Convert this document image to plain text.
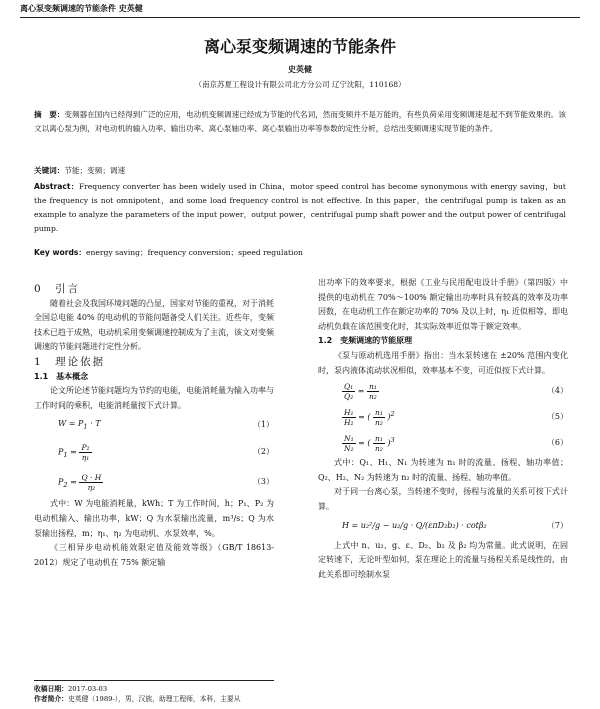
离心泵变频调速的节能条件 史英健
离心泵变频调速的节能条件
史英健
（南京苏夏工程设计有限公司北方分公司 辽宁沈阳，110168）
摘　要：变频器在国内已经得到广泛的应用，电动机变频调速已经成为节能的代名词，然而变频并不是万能的，有些负荷采用变频调速是起不到节能效果的。该文以离心泵为例，对电动机的输入功率、输出功率、离心泵轴功率、离心泵输出功率等参数的定性分析，总结出变频调速实现节能的条件。
关键词：节能；变频；调速
Abstract：Frequency converter has been widely used in China，motor speed control has become synonymous with energy saving，but the frequency is not omnipotent，and some load frequency control is not effective. In this paper，the centrifugal pump is taken as an example to analyze the parameters of the input power，output power，centrifugal pump shaft power and the output power of centrifugal pump.
Key words：energy saving；frequency conversion；speed regulation

0　引言

随着社会及我国环境问题的凸显，国家对节能的重视，对于消耗全国总电能 40% 的电动机的节能问题备受人们关注。近些年，变频技术已趋于成熟，电动机采用变频调速控制成为了主流，该文对变频调速的节能问题进行定性分析。

1　理论依据

1.1　基本概念

论文所论述节能问题均为节约的电能，电能消耗量为输入功率与工作时间的乘积，电能消耗量按下式计算。

$W = P_1 \cdot T$	（1）
$P_1 = \frac{\text{P₂}}{\text{η₁}}$	（2）
$P_2 = \frac{Q \cdot H}{\text{η₂}}$	（3）

式中：W 为电能消耗量，kWh；T 为工作时间，h；P₁、P₂ 为电动机输入、输出功率，kW；Q 为水泵输出流量，m³/s；Q 为水泵输出扬程，m；η₁、η₂ 为电动机、水泵效率，%。

《三相异步电动机能效限定值及能效等级》（GB/T 18613-2012）规定了电动机在 75% 额定输

出功率下的效率要求，根据《工业与民用配电设计手册》（第四版）中提供的电动机在 70%～100% 额定输出功率时具有较高的效率及功率因数，在电动机工作在额定功率的 70% 及以上时，η₁ 近似相等，即电动机负载在该范围变化时，其实际效率近似等于额定效率。

1.2　变频调速的节能原理

《泵与原动机选用手册》指出：当水泵转速在 ±20% 范围内变化时，泵内液体流动状况相似，效率基本不变，可近似按下式计算。

$\frac{\text{Q₁}}{\text{Q₂}} = \frac{\text{n₁}}{\text{n₂}}$	（4）
$\frac{\text{H₁}}{\text{H₂}}$ = ( $\frac{\text{n₁}}{\text{n₂}} )^2$	（5）
$\frac{\text{N₁}}{\text{N₂}}$ = ( $\frac{\text{n₁}}{\text{n₂}} )^3$	（6）

式中：Q₁、H₁、N₁ 为转速为 n₁ 时的流量、扬程、轴功率值；Q₂、H₂、N₂ 为转速为 n₂ 时的流量、扬程、轴功率值。

对于同一台离心泵，当转速不变时，扬程与流量的关系可按下式计算。

H = u₂²/g − u₂/g · Q/(επD₂b₂) · cotβ₂	（7）

上式中 n、u₂、g、ε、D₂、b₂ 及 β₂ 均为常量。此式说明，在固定转速下，无论叶型如何，泵在理论上的流量与扬程关系是线性的，由此关系即可绘制水泵

收稿日期：2017-03-03
作者简介：史英健（1989-），男，汉族，助理工程师，本科，主要从
